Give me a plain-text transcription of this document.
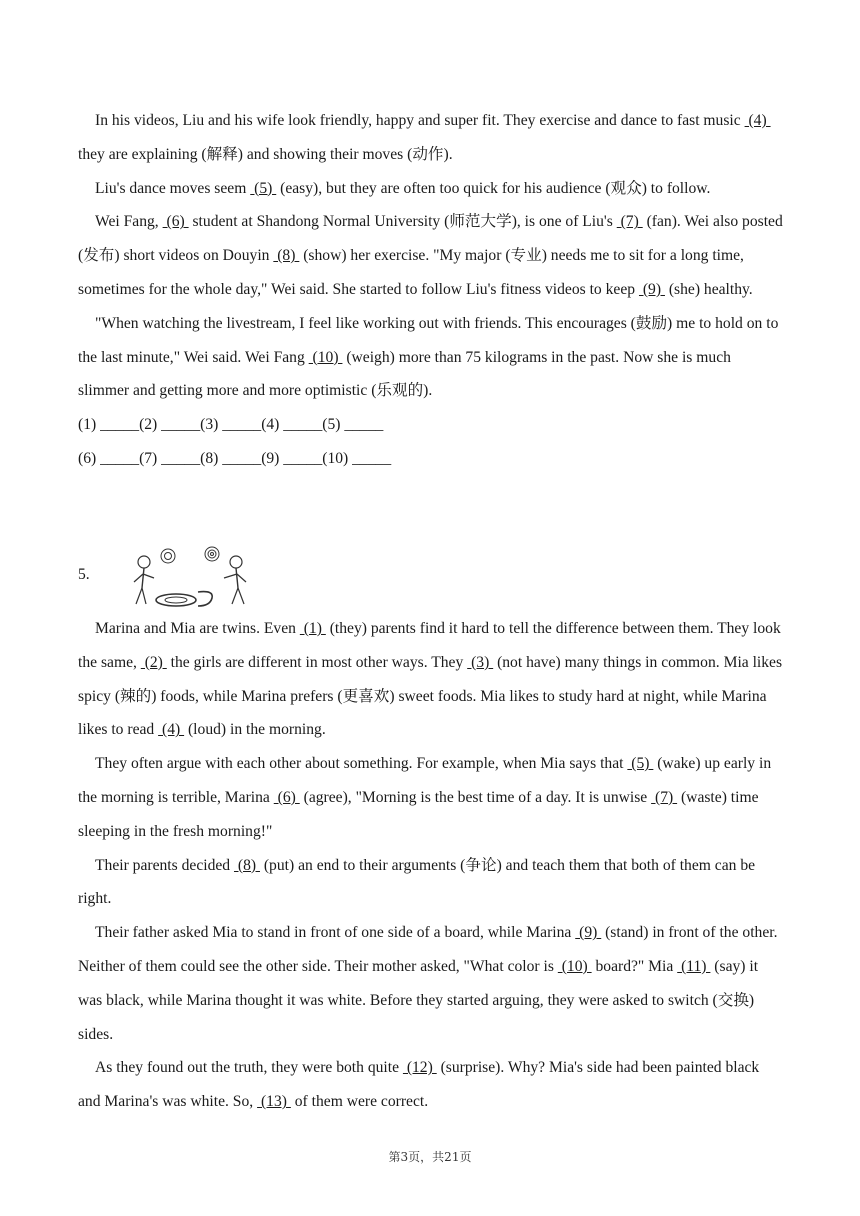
In his videos, Liu and his wife look friendly, happy and super fit. They exercise and dance to fast music  (4)  they are explaining (解释) and showing their moves (动作).

Liu's dance moves seem  (5)  (easy), but they are often too quick for his audience (观众) to follow.

Wei Fang,  (6)  student at Shandong Normal University (师范大学), is one of Liu's  (7)  (fan). Wei also posted (发布) short videos on Douyin  (8)  (show) her exercise. "My major (专业) needs me to sit for a long time, sometimes for the whole day," Wei said. She started to follow Liu's fitness videos to keep  (9)  (she) healthy.

"When watching the livestream, I feel like working out with friends. This encourages (鼓励) me to hold on to the last minute," Wei said. Wei Fang  (10)  (weigh) more than 75 kilograms in the past. Now she is much slimmer and getting more and more optimistic (乐观的).

(1) _____(2) _____(3) _____(4) _____(5) _____

(6) _____(7) _____(8) _____(9) _____(10) _____

5.

Marina and Mia are twins. Even  (1)  (they) parents find it hard to tell the difference between them. They look the same,  (2)  the girls are different in most other ways. They  (3)  (not have) many things in common. Mia likes spicy (辣的) foods, while Marina prefers (更喜欢) sweet foods. Mia likes to study hard at night, while Marina likes to read  (4)  (loud) in the morning.

They often argue with each other about something. For example, when Mia says that  (5)  (wake) up early in the morning is terrible, Marina  (6)  (agree), "Morning is the best time of a day. It is unwise  (7)  (waste) time sleeping in the fresh morning!"

Their parents decided  (8)  (put) an end to their arguments (争论) and teach them that both of them can be right.

Their father asked Mia to stand in front of one side of a board, while Marina  (9)  (stand) in front of the other. Neither of them could see the other side. Their mother asked, "What color is  (10)  board?" Mia  (11)  (say) it was black, while Marina thought it was white. Before they started arguing, they were asked to switch (交换) sides.

As they found out the truth, they were both quite  (12)  (surprise). Why? Mia's side had been painted black and Marina's was white. So,  (13)  of them were correct.

第3页，共21页
